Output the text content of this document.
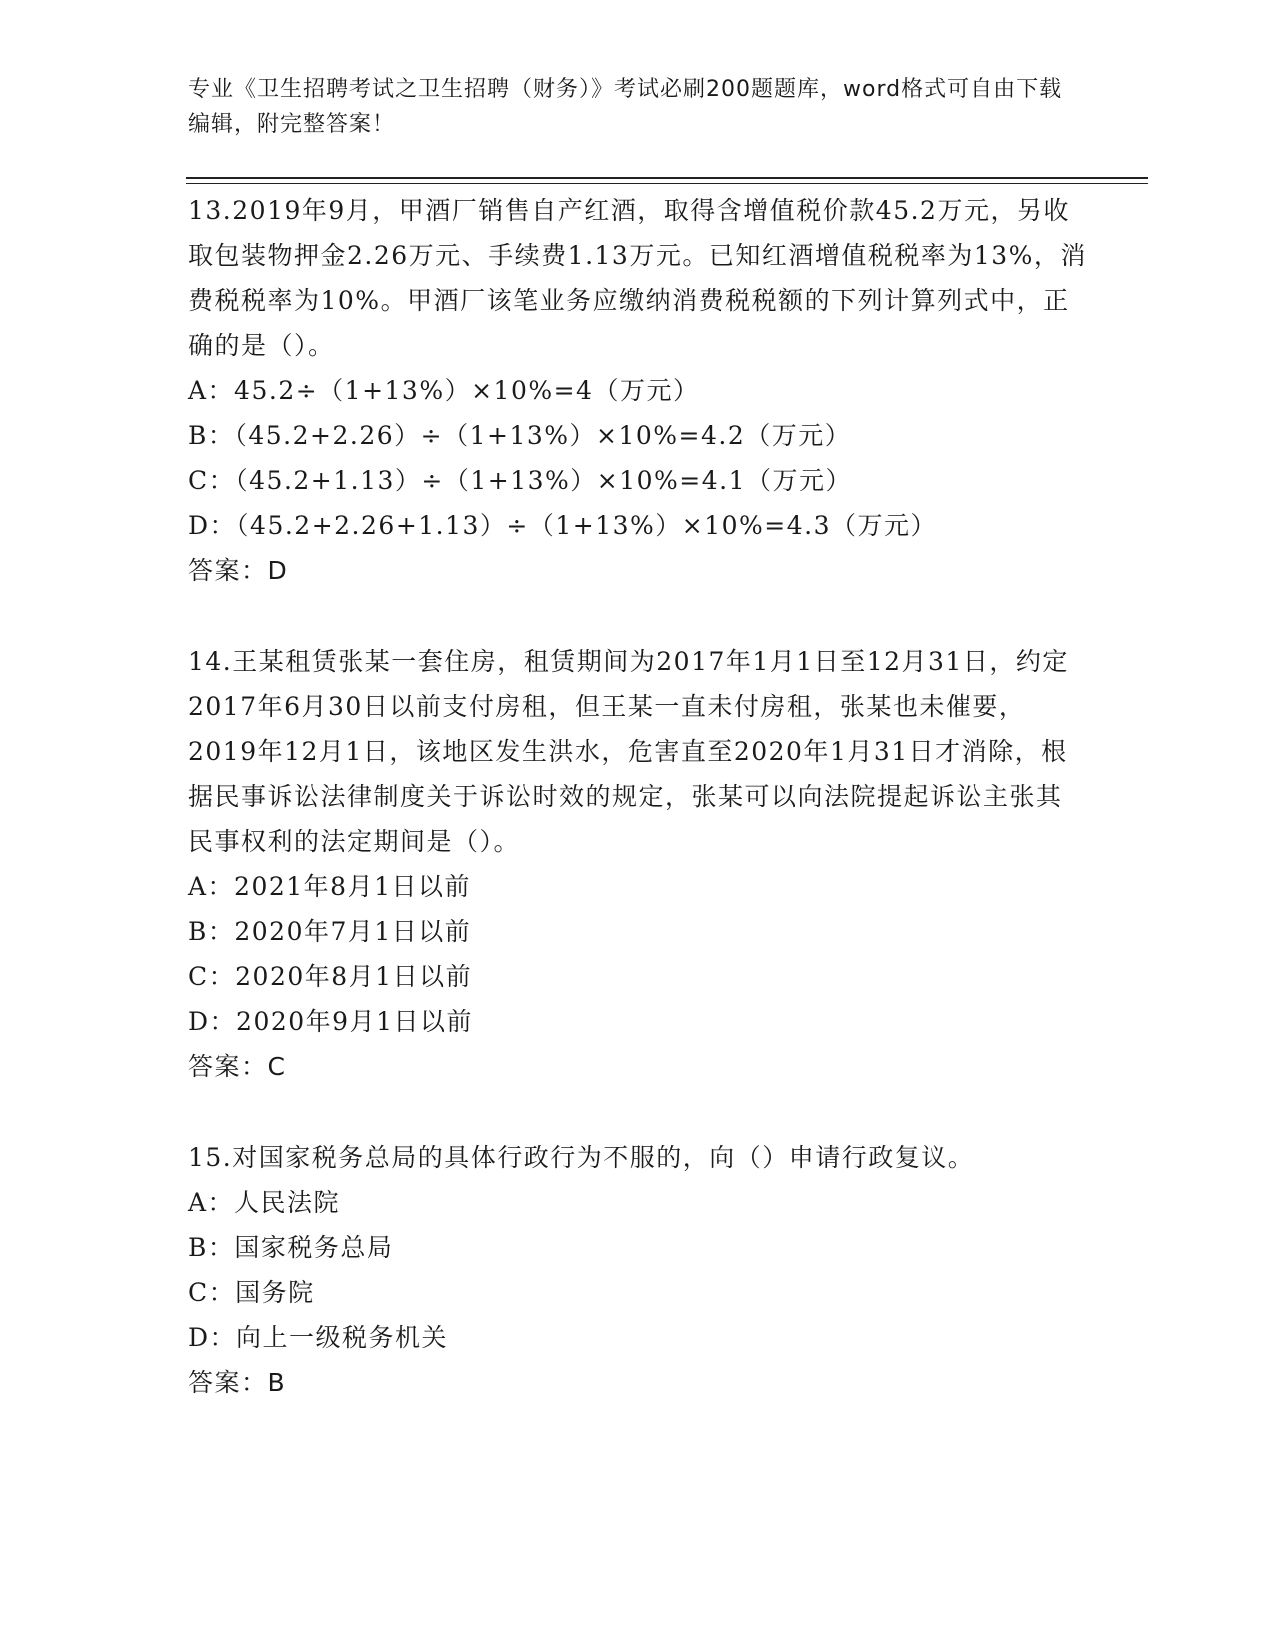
专业《卫生招聘考试之卫生招聘（财务）》考试必刷200题题库，word格式可自由下载编辑，附完整答案！
13.2019年9月，甲酒厂销售自产红酒，取得含增值税价款45.2万元，另收取包装物押金2.26万元、手续费1.13万元。已知红酒增值税税率为13%，消费税税率为10%。甲酒厂该笔业务应缴纳消费税税额的下列计算列式中，正确的是（）。
A：45.2÷（1+13%）×10%=4（万元）
B：（45.2+2.26）÷（1+13%）×10%=4.2（万元）
C：（45.2+1.13）÷（1+13%）×10%=4.1（万元）
D：（45.2+2.26+1.13）÷（1+13%）×10%=4.3（万元）
答案：D
14.王某租赁张某一套住房，租赁期间为2017年1月1日至12月31日，约定2017年6月30日以前支付房租，但王某一直未付房租，张某也未催要，2019年12月1日，该地区发生洪水，危害直至2020年1月31日才消除，根据民事诉讼法律制度关于诉讼时效的规定，张某可以向法院提起诉讼主张其民事权利的法定期间是（）。
A：2021年8月1日以前
B：2020年7月1日以前
C：2020年8月1日以前
D：2020年9月1日以前
答案：C
15.对国家税务总局的具体行政行为不服的，向（）申请行政复议。
A：人民法院
B：国家税务总局
C：国务院
D：向上一级税务机关
答案：B
